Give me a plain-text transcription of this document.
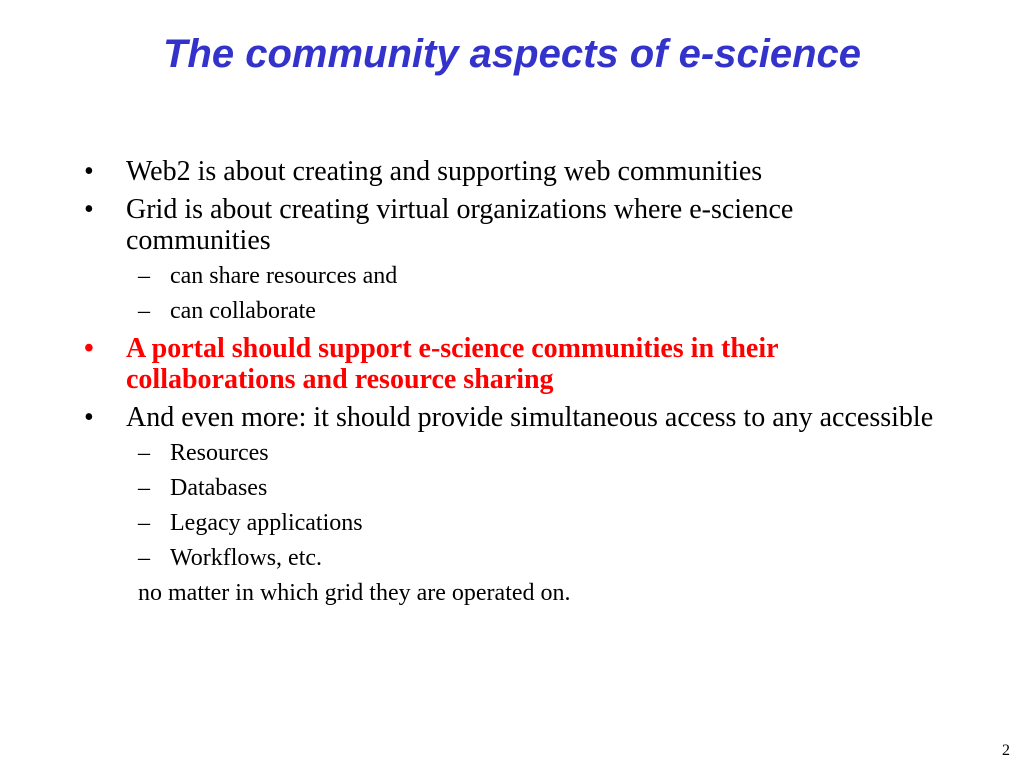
The community aspects of e-science
•	Web2 is about creating and supporting web communities
•	Grid is about creating virtual organizations where e-science communities
– can share resources and
– can collaborate
•	A portal should support e-science communities in their collaborations and resource sharing
•	And even more: it should provide simultaneous access to any accessible
– Resources
– Databases
– Legacy applications
– Workflows, etc.
no matter in which grid they are operated on.
2
